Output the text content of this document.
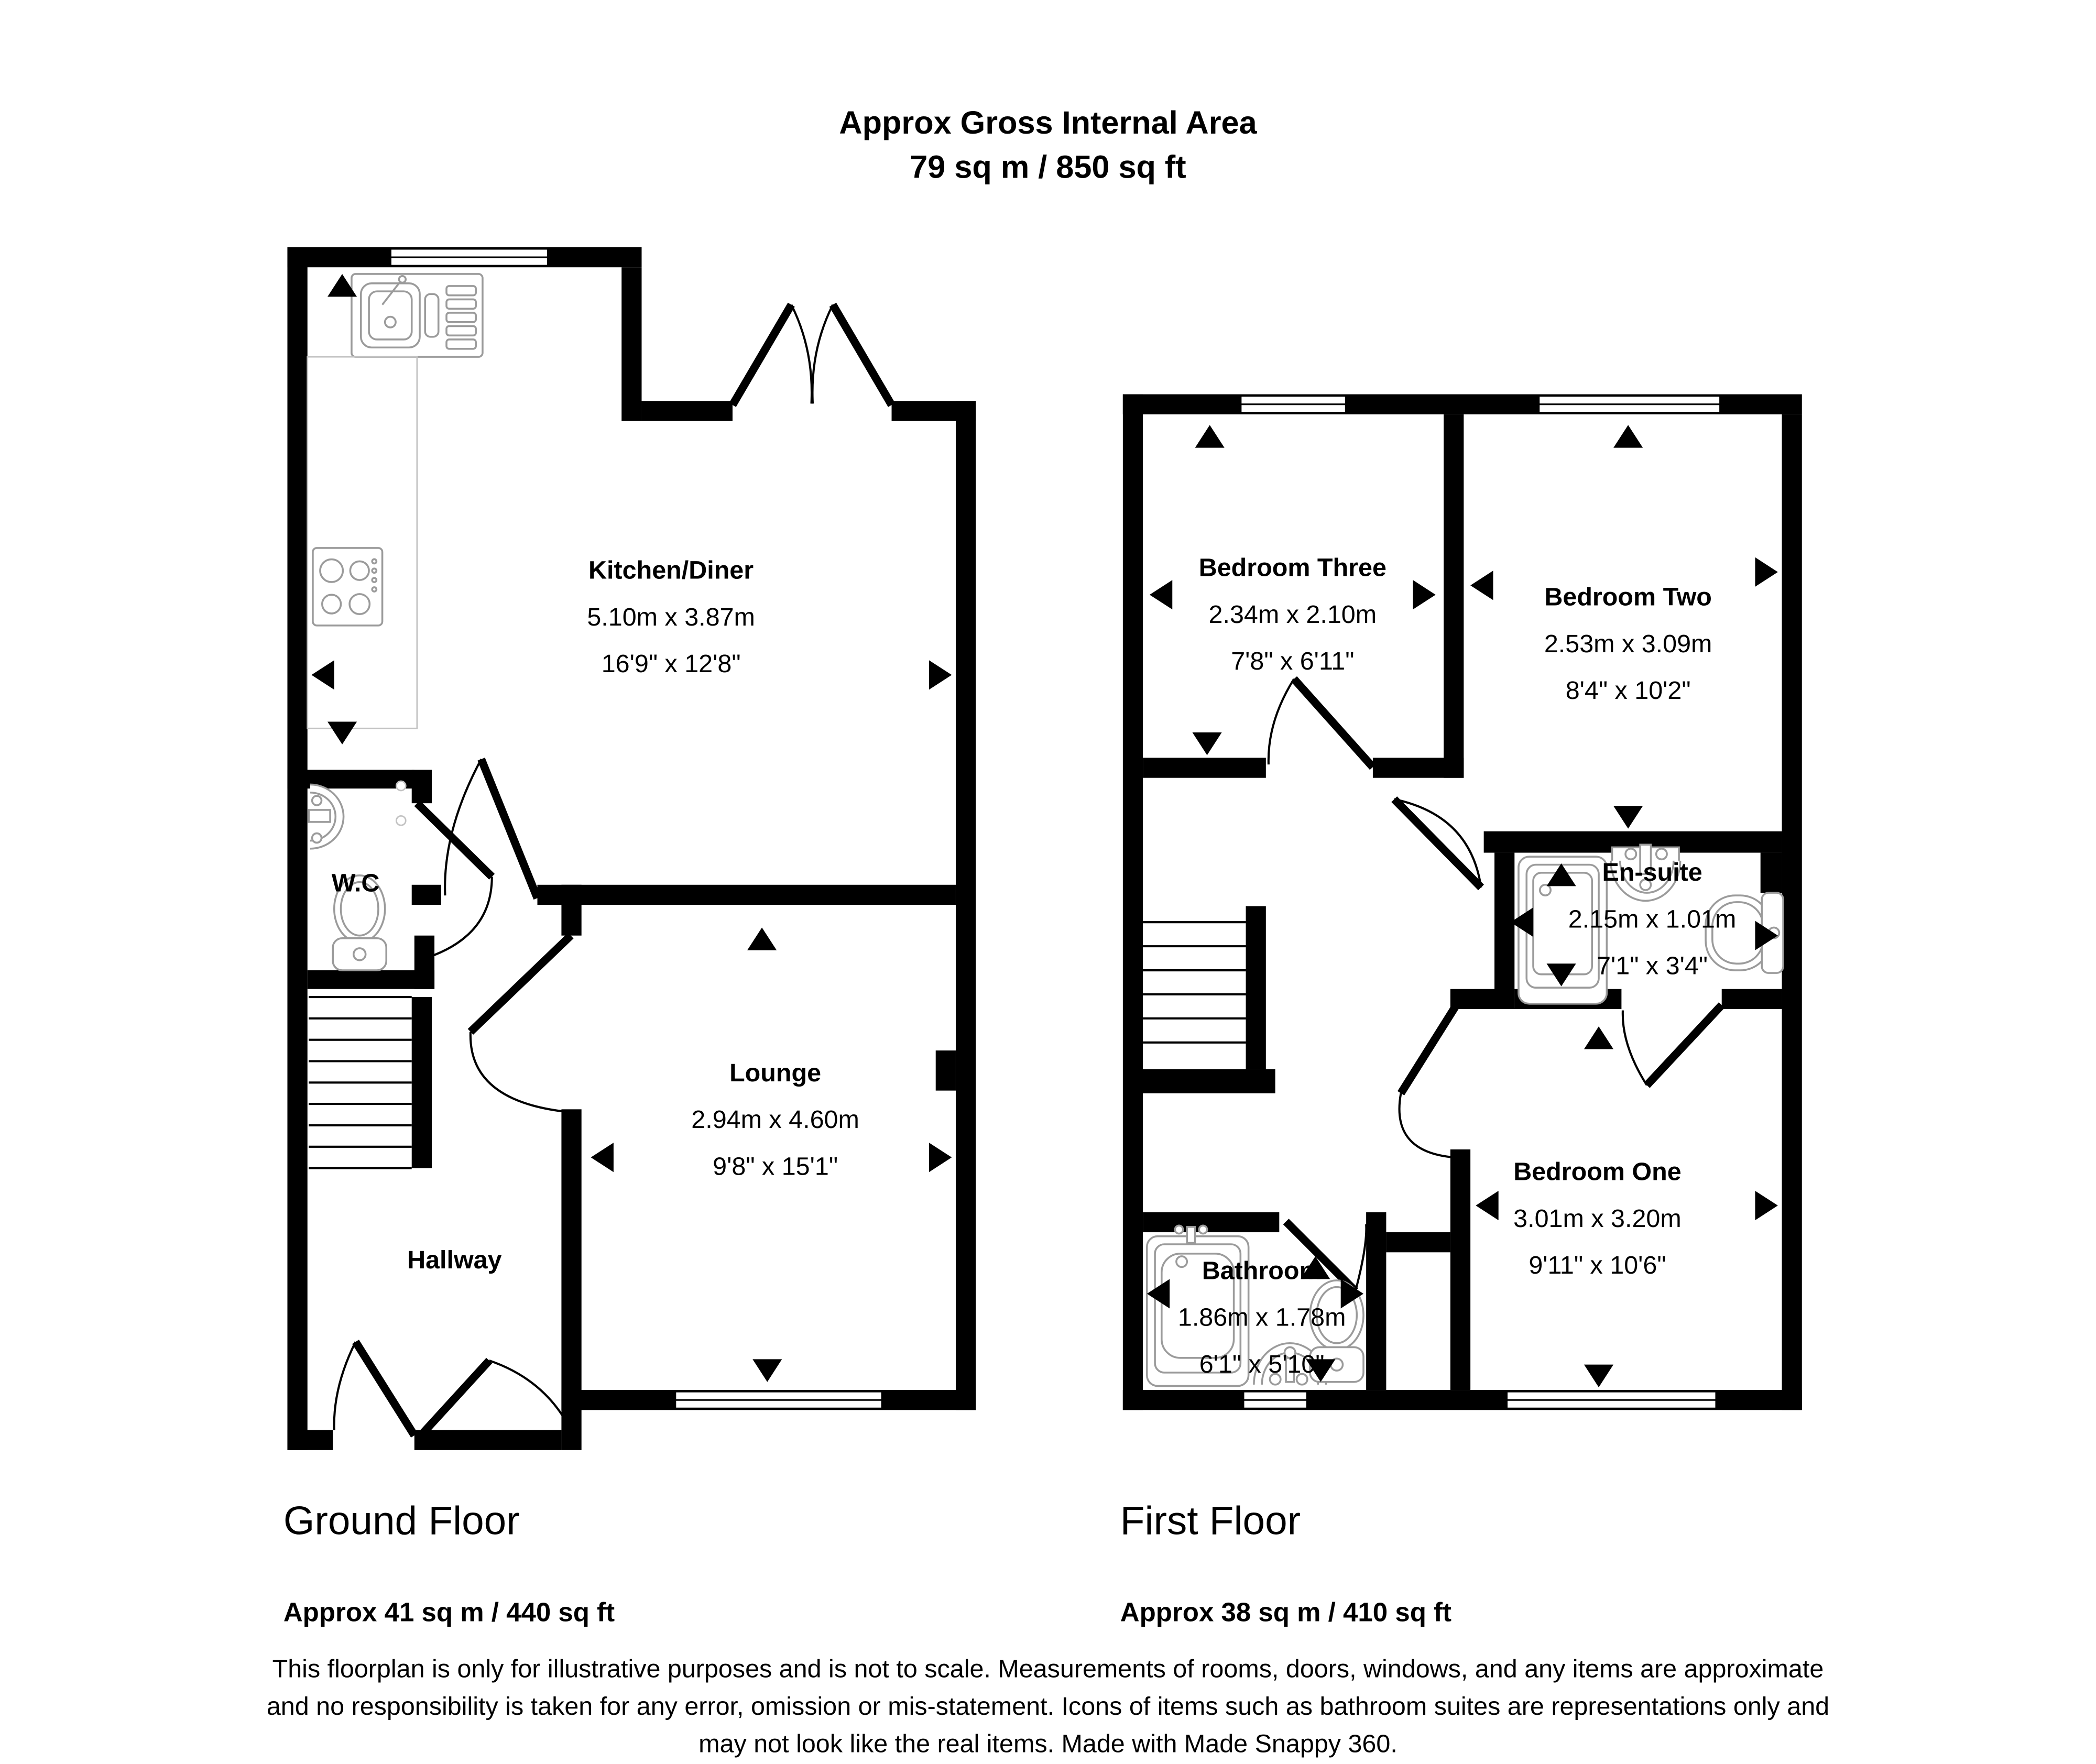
Approx Gross Internal Area
79 sq m / 850 sq ft
Kitchen/Diner
5.10m x 3.87m
16'9" x 12'8"
Lounge
2.94m x 4.60m
9'8" x 15'1"
W.C
Hallway
Bedroom Three
2.34m x 2.10m
7'8" x 6'11"
Bedroom Two
2.53m x 3.09m
8'4" x 10'2"
En-suite
2.15m x 1.01m
7'1" x 3'4"
Bedroom One
3.01m x 3.20m
9'11" x 10'6"
Bathroom
1.86m x 1.78m
6'1" x 5'10"
Ground Floor
Approx 41 sq m / 440 sq ft
First Floor
Approx 38 sq m / 410 sq ft
This floorplan is only for illustrative purposes and is not to scale. Measurements of rooms, doors, windows, and any items are approximate
and no responsibility is taken for any error, omission or mis-statement. Icons of items such as bathroom suites are representations only and
may not look like the real items. Made with Made Snappy 360.
